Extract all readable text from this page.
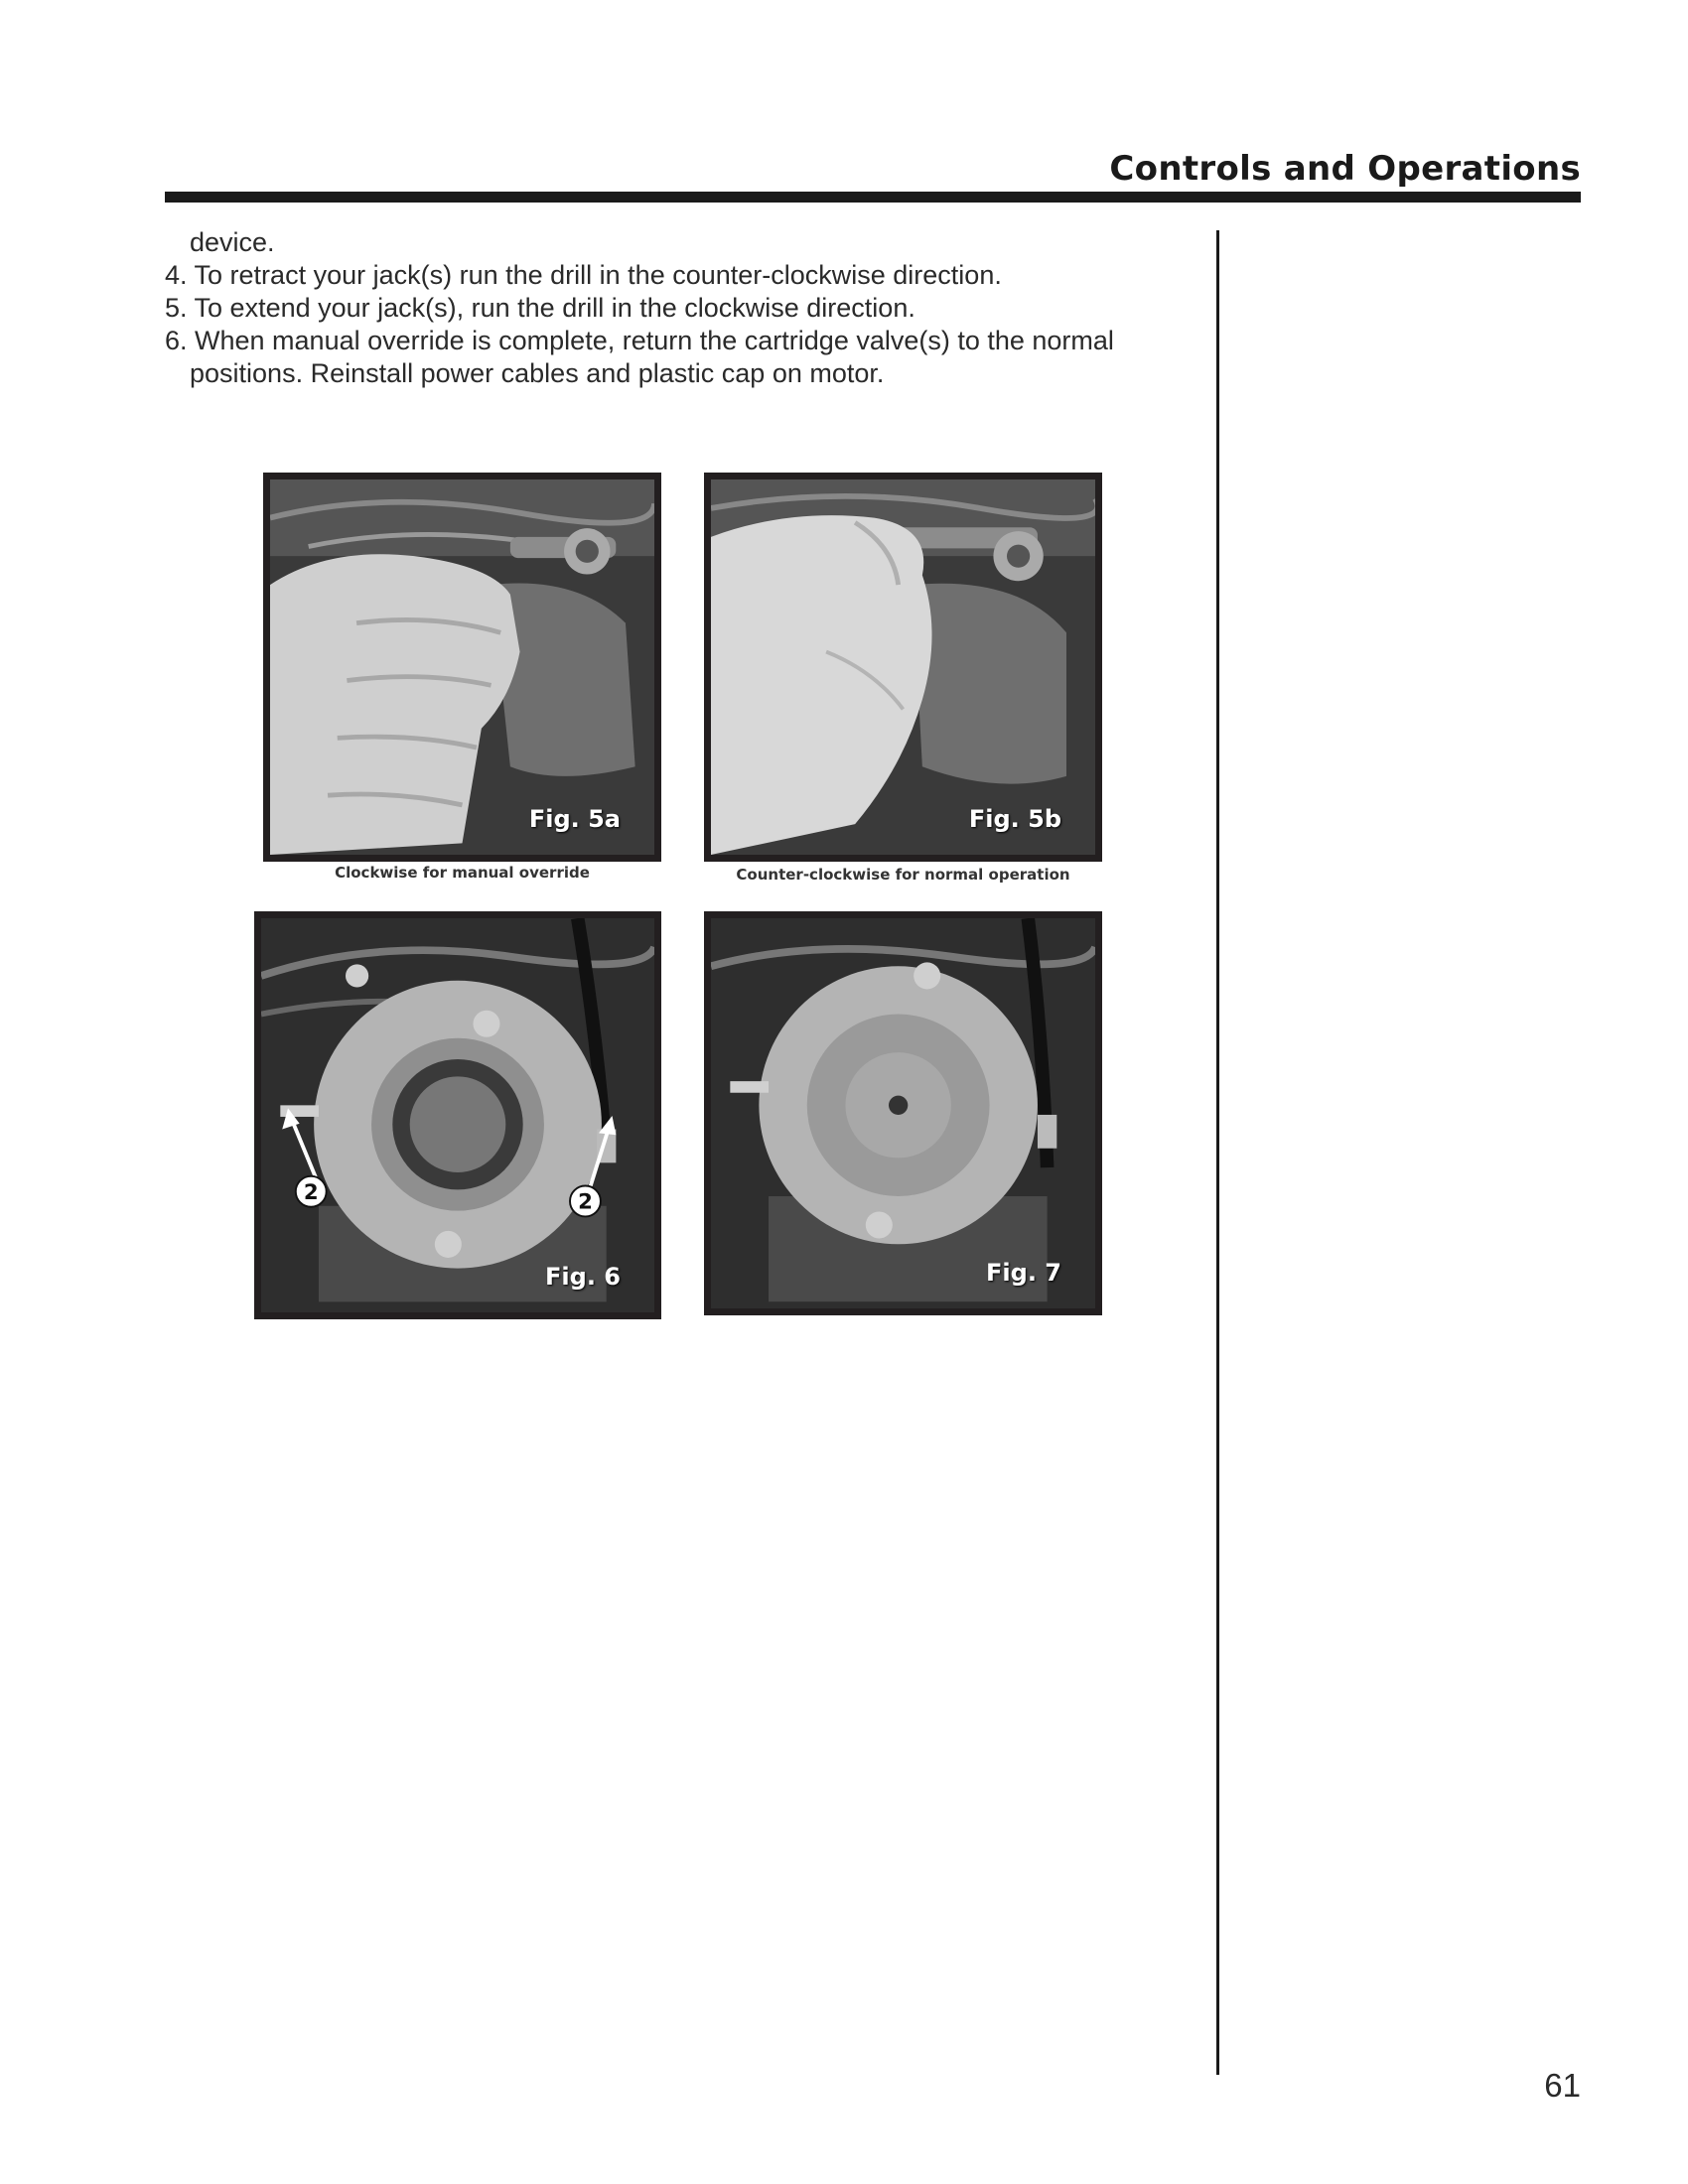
Controls and Operations

device.

4. To retract your jack(s) run the drill in the counter-clockwise direction.

5. To extend your jack(s), run the drill in the clockwise direction.

6. When manual override is complete, return the cartridge valve(s) to the normal

positions. Reinstall power cables and plastic cap on motor.

Fig. 5a

Clockwise for manual override

Fig. 5b

Counter-clockwise for normal operation

2	2

Fig. 6	Fig. 7

61
